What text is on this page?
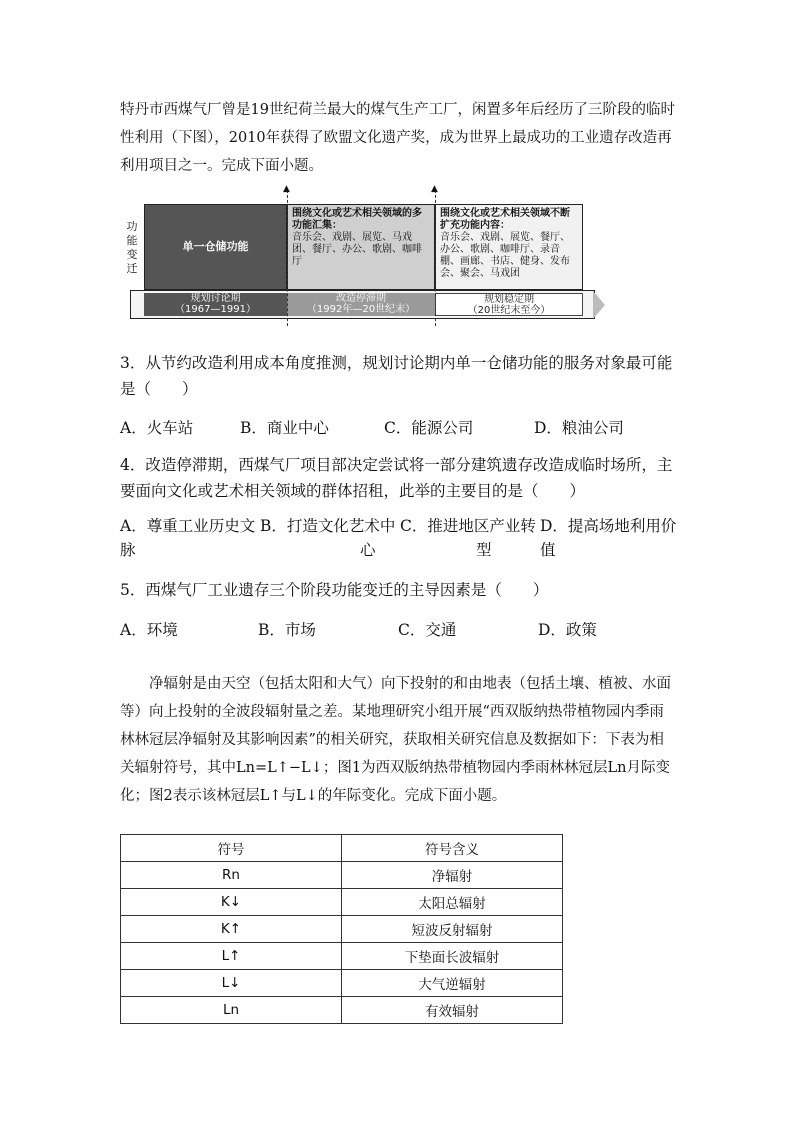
特丹市西煤气厂曾是19世纪荷兰最大的煤气生产工厂，闲置多年后经历了三阶段的临时性利用（下图），2010年获得了欧盟文化遗产奖，成为世界上最成功的工业遗存改造再利用项目之一。完成下面小题。
功能变迁
单一仓储功能
围绕文化或艺术相关领域的多功能汇集：
音乐会、戏剧、展览、马戏团、餐厅、办公、歌剧、咖啡厅
围绕文化或艺术相关领域不断扩充功能内容：
音乐会、戏剧、展览、餐厅、办公、歌剧、咖啡厅、录音棚、画廊、书店、健身、发布会、聚会、马戏团
规划讨论期
（1967—1991）
改造停滞期
（1992年—20世纪末）
规划稳定期
（20世纪末至今）
▲	▲
3．从节约改造利用成本角度推测，规划讨论期内单一仓储功能的服务对象最可能是（　　）
A．火车站	B．商业中心	C．能源公司	D．粮油公司
4．改造停滞期，西煤气厂项目部决定尝试将一部分建筑遗存改造成临时场所，主要面向文化或艺术相关领域的群体招租，此举的主要目的是（　　）
A．尊重工业历史文
脉
B．打造文化艺术中
心
C．推进地区产业转
型
D．提高场地利用价
值
5．西煤气厂工业遗存三个阶段功能变迁的主导因素是（　　）
A．环境	B．市场	C．交通	D．政策
净辐射是由天空（包括太阳和大气）向下投射的和由地表（包括土壤、植被、水面等）向上投射的全波段辐射量之差。某地理研究小组开展“西双版纳热带植物园内季雨林林冠层净辐射及其影响因素”的相关研究，获取相关研究信息及数据如下：下表为相关辐射符号，其中Ln=L↑−L↓；图1为西双版纳热带植物园内季雨林林冠层Ln月际变化；图2表示该林冠层L↑与L↓的年际变化。完成下面小题。
符号	符号含义
Rn	净辐射
K↓	太阳总辐射
K↑	短波反射辐射
L↑	下垫面长波辐射
L↓	大气逆辐射
Ln	有效辐射
